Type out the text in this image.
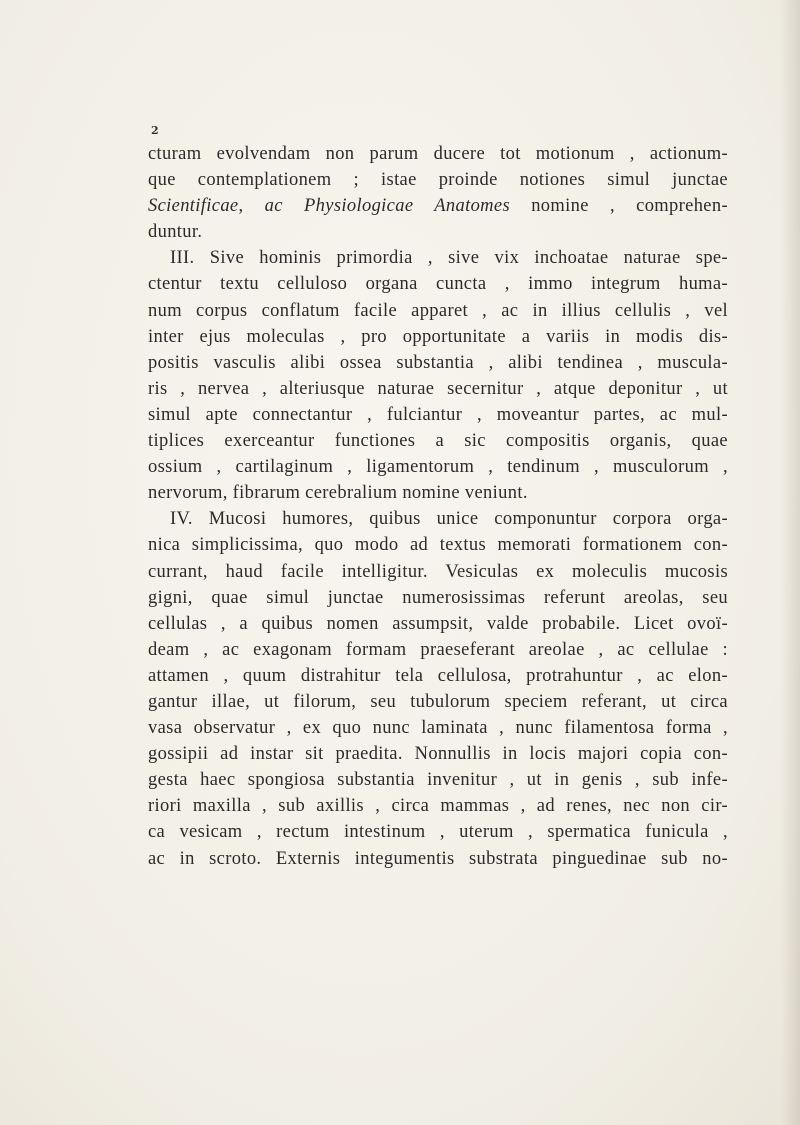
2
cturam evolvendam non parum ducere tot motionum , actionum-
que contemplationem ; istae proinde notiones simul junctae
Scientificae, ac Physiologicae Anatomes nomine , comprehen-
duntur.
III. Sive hominis primordia , sive vix inchoatae naturae spe-
ctentur textu celluloso organa cuncta , immo integrum huma-
num corpus conflatum facile apparet , ac in illius cellulis , vel
inter ejus moleculas , pro opportunitate a variis in modis dis-
positis vasculis alibi ossea substantia , alibi tendinea , muscula-
ris , nervea , alteriusque naturae secernitur , atque deponitur , ut
simul apte connectantur , fulciantur , moveantur partes, ac mul-
tiplices exerceantur functiones a sic compositis organis, quae
ossium , cartilaginum , ligamentorum , tendinum , musculorum ,
nervorum, fibrarum cerebralium nomine veniunt.
IV. Mucosi humores, quibus unice componuntur corpora orga-
nica simplicissima, quo modo ad textus memorati formationem con-
currant, haud facile intelligitur. Vesiculas ex moleculis mucosis
gigni, quae simul junctae numerosissimas referunt areolas, seu
cellulas , a quibus nomen assumpsit, valde probabile. Licet ovoï-
deam , ac exagonam formam praeseferant areolae , ac cellulae :
attamen , quum distrahitur tela cellulosa, protrahuntur , ac elon-
gantur illae, ut filorum, seu tubulorum speciem referant, ut circa
vasa observatur , ex quo nunc laminata , nunc filamentosa forma ,
gossipii ad instar sit praedita. Nonnullis in locis majori copia con-
gesta haec spongiosa substantia invenitur , ut in genis , sub infe-
riori maxilla , sub axillis , circa mammas , ad renes, nec non cir-
ca vesicam , rectum intestinum , uterum , spermatica funicula ,
ac in scroto. Externis integumentis substrata pinguedinae sub no-
